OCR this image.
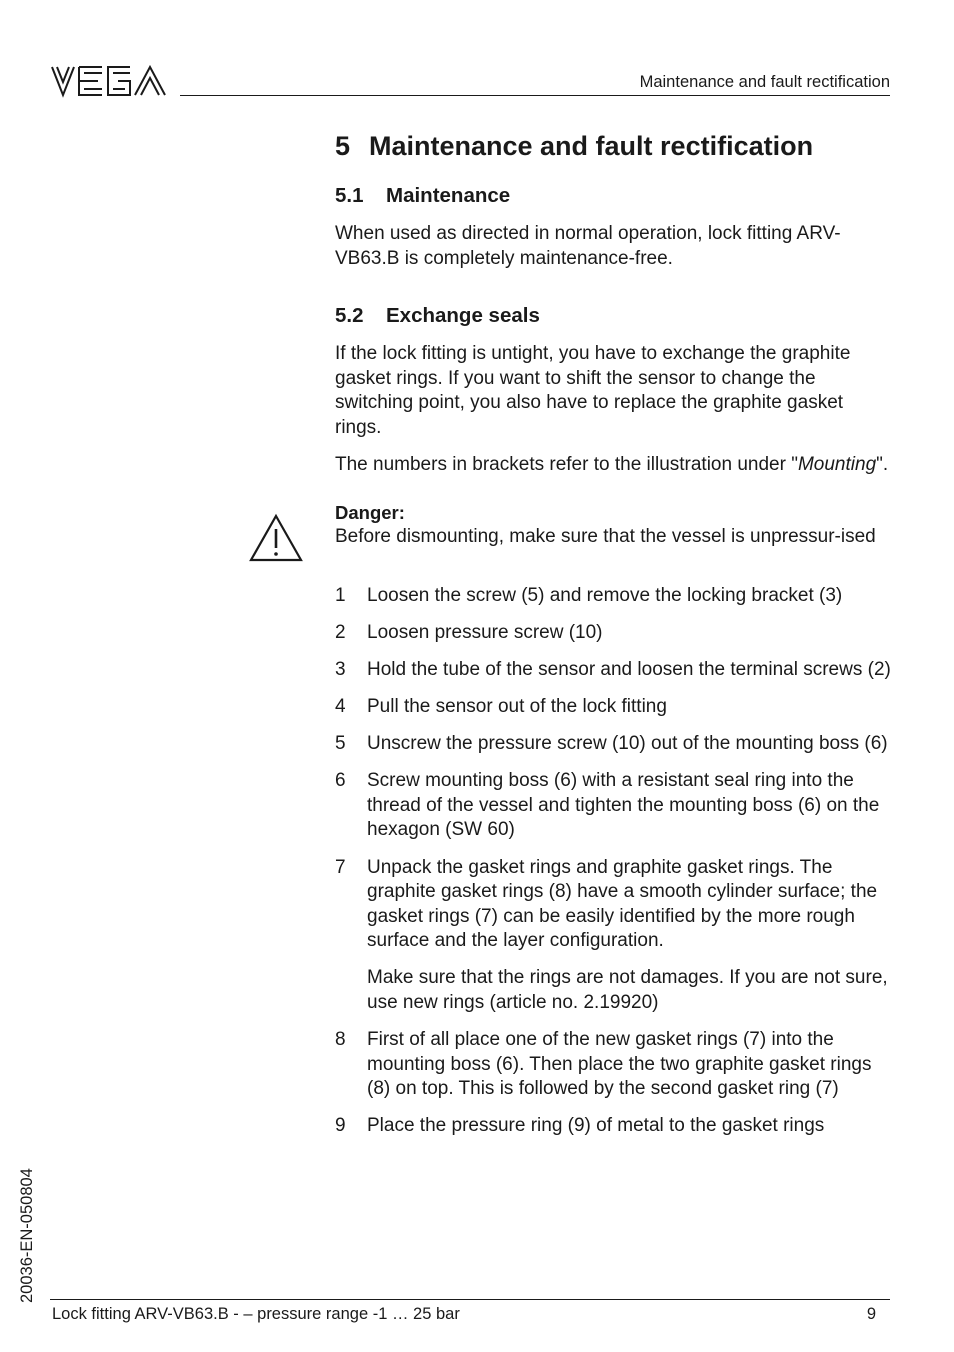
Maintenance and fault rectification
5 Maintenance and fault rectification
5.1 Maintenance

When used as directed in normal operation, lock fitting ARV-VB63.B is completely maintenance-free.

5.2 Exchange seals

If the lock fitting is untight, you have to exchange the graphite gasket rings. If you want to shift the sensor to change the switching point, you also have to replace the graphite gasket rings.

The numbers in brackets refer to the illustration under "Mounting".

Danger:

Before dismounting, make sure that the vessel is unpressur-ised

1	Loosen the screw (5) and remove the locking bracket (3)
2	Loosen pressure screw (10)
3	Hold the tube of the sensor and loosen the terminal screws (2)
4	Pull the sensor out of the lock fitting
5	Unscrew the pressure screw (10) out of the mounting boss (6)
6	Screw mounting boss (6) with a resistant seal ring into the thread of the vessel and tighten the mounting boss (6) on the hexagon (SW 60)
7	Unpack the gasket rings and graphite gasket rings. The graphite gasket rings (8) have a smooth cylinder surface; the gasket rings (7) can be easily identified by the more rough surface and the layer configuration.
Make sure that the rings are not damages. If you are not sure, use new rings (article no. 2.19920)
8	First of all place one of the new gasket rings (7) into the mounting boss (6). Then place the two graphite gasket rings (8) on top. This is followed by the second gasket ring (7)
9	Place the pressure ring (9) of metal to the gasket rings
20036-EN-050804
Lock fitting ARV-VB63.B - – pressure range -1 … 25 bar	9
